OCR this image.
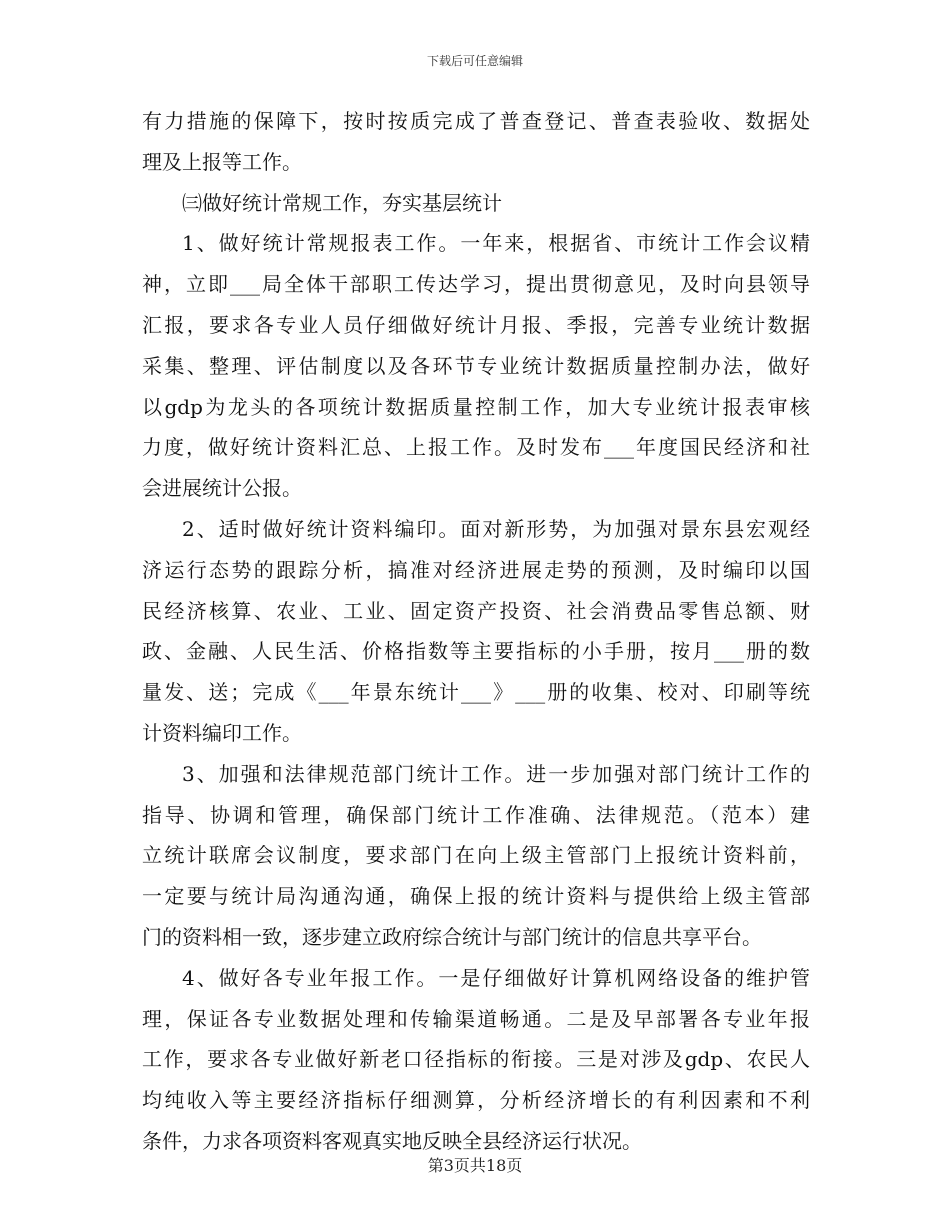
下载后可任意编辑
有力措施的保障下，按时按质完成了普查登记、普查表验收、数据处
理及上报等工作。
㈢做好统计常规工作，夯实基层统计
1、做好统计常规报表工作。一年来，根据省、市统计工作会议精
神，立即___局全体干部职工传达学习，提出贯彻意见，及时向县领导
汇报，要求各专业人员仔细做好统计月报、季报，完善专业统计数据
采集、整理、评估制度以及各环节专业统计数据质量控制办法，做好
以gdp为龙头的各项统计数据质量控制工作，加大专业统计报表审核
力度，做好统计资料汇总、上报工作。及时发布___年度国民经济和社
会进展统计公报。
2、适时做好统计资料编印。面对新形势，为加强对景东县宏观经
济运行态势的跟踪分析，搞准对经济进展走势的预测，及时编印以国
民经济核算、农业、工业、固定资产投资、社会消费品零售总额、财
政、金融、人民生活、价格指数等主要指标的小手册，按月___册的数
量发、送；完成《___年景东统计___》___册的收集、校对、印刷等统
计资料编印工作。
3、加强和法律规范部门统计工作。进一步加强对部门统计工作的
指导、协调和管理，确保部门统计工作准确、法律规范。（范本）建
立统计联席会议制度，要求部门在向上级主管部门上报统计资料前，
一定要与统计局沟通沟通，确保上报的统计资料与提供给上级主管部
门的资料相一致，逐步建立政府综合统计与部门统计的信息共享平台。
4、做好各专业年报工作。一是仔细做好计算机网络设备的维护管
理，保证各专业数据处理和传输渠道畅通。二是及早部署各专业年报
工作，要求各专业做好新老口径指标的衔接。三是对涉及gdp、农民人
均纯收入等主要经济指标仔细测算，分析经济增长的有利因素和不利
条件，力求各项资料客观真实地反映全县经济运行状况。
第3页共18页
